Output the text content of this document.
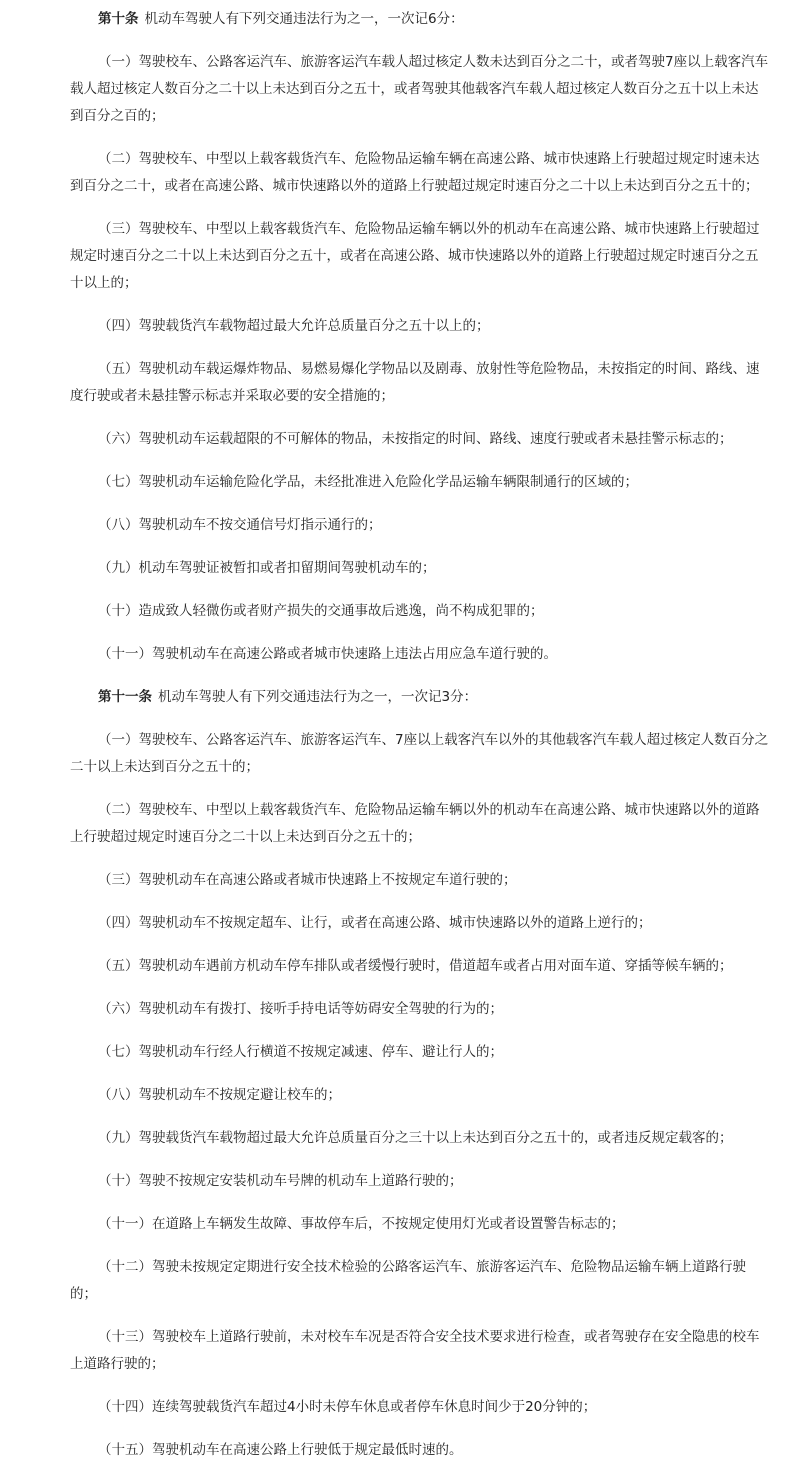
第十条 机动车驾驶人有下列交通违法行为之一，一次记6分：

（一）驾驶校车、公路客运汽车、旅游客运汽车载人超过核定人数未达到百分之二十，或者驾驶7座以上载客汽车载人超过核定人数百分之二十以上未达到百分之五十，或者驾驶其他载客汽车载人超过核定人数百分之五十以上未达到百分之百的；

（二）驾驶校车、中型以上载客载货汽车、危险物品运输车辆在高速公路、城市快速路上行驶超过规定时速未达到百分之二十，或者在高速公路、城市快速路以外的道路上行驶超过规定时速百分之二十以上未达到百分之五十的；

（三）驾驶校车、中型以上载客载货汽车、危险物品运输车辆以外的机动车在高速公路、城市快速路上行驶超过规定时速百分之二十以上未达到百分之五十，或者在高速公路、城市快速路以外的道路上行驶超过规定时速百分之五十以上的；

（四）驾驶载货汽车载物超过最大允许总质量百分之五十以上的；

（五）驾驶机动车载运爆炸物品、易燃易爆化学物品以及剧毒、放射性等危险物品，未按指定的时间、路线、速度行驶或者未悬挂警示标志并采取必要的安全措施的；

（六）驾驶机动车运载超限的不可解体的物品，未按指定的时间、路线、速度行驶或者未悬挂警示标志的；

（七）驾驶机动车运输危险化学品，未经批准进入危险化学品运输车辆限制通行的区域的；

（八）驾驶机动车不按交通信号灯指示通行的；

（九）机动车驾驶证被暂扣或者扣留期间驾驶机动车的；

（十）造成致人轻微伤或者财产损失的交通事故后逃逸，尚不构成犯罪的；

（十一）驾驶机动车在高速公路或者城市快速路上违法占用应急车道行驶的。

第十一条 机动车驾驶人有下列交通违法行为之一，一次记3分：

（一）驾驶校车、公路客运汽车、旅游客运汽车、7座以上载客汽车以外的其他载客汽车载人超过核定人数百分之二十以上未达到百分之五十的；

（二）驾驶校车、中型以上载客载货汽车、危险物品运输车辆以外的机动车在高速公路、城市快速路以外的道路上行驶超过规定时速百分之二十以上未达到百分之五十的；

（三）驾驶机动车在高速公路或者城市快速路上不按规定车道行驶的；

（四）驾驶机动车不按规定超车、让行，或者在高速公路、城市快速路以外的道路上逆行的；

（五）驾驶机动车遇前方机动车停车排队或者缓慢行驶时，借道超车或者占用对面车道、穿插等候车辆的；

（六）驾驶机动车有拨打、接听手持电话等妨碍安全驾驶的行为的；

（七）驾驶机动车行经人行横道不按规定减速、停车、避让行人的；

（八）驾驶机动车不按规定避让校车的；

（九）驾驶载货汽车载物超过最大允许总质量百分之三十以上未达到百分之五十的，或者违反规定载客的；

（十）驾驶不按规定安装机动车号牌的机动车上道路行驶的；

（十一）在道路上车辆发生故障、事故停车后，不按规定使用灯光或者设置警告标志的；

（十二）驾驶未按规定定期进行安全技术检验的公路客运汽车、旅游客运汽车、危险物品运输车辆上道路行驶的；

（十三）驾驶校车上道路行驶前，未对校车车况是否符合安全技术要求进行检查，或者驾驶存在安全隐患的校车上道路行驶的；

（十四）连续驾驶载货汽车超过4小时未停车休息或者停车休息时间少于20分钟的；

（十五）驾驶机动车在高速公路上行驶低于规定最低时速的。
